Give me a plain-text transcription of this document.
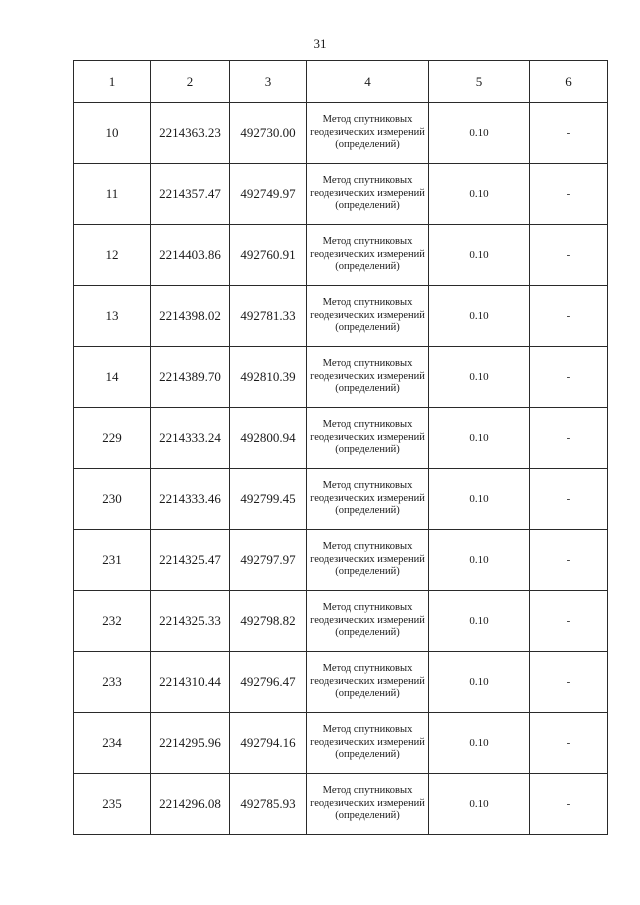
31
1	2	3	4	5	6
10	2214363.23	492730.00	Метод спутниковых геодезических измерений (определений)	0.10	-
11	2214357.47	492749.97	Метод спутниковых геодезических измерений (определений)	0.10	-
12	2214403.86	492760.91	Метод спутниковых геодезических измерений (определений)	0.10	-
13	2214398.02	492781.33	Метод спутниковых геодезических измерений (определений)	0.10	-
14	2214389.70	492810.39	Метод спутниковых геодезических измерений (определений)	0.10	-
229	2214333.24	492800.94	Метод спутниковых геодезических измерений (определений)	0.10	-
230	2214333.46	492799.45	Метод спутниковых геодезических измерений (определений)	0.10	-
231	2214325.47	492797.97	Метод спутниковых геодезических измерений (определений)	0.10	-
232	2214325.33	492798.82	Метод спутниковых геодезических измерений (определений)	0.10	-
233	2214310.44	492796.47	Метод спутниковых геодезических измерений (определений)	0.10	-
234	2214295.96	492794.16	Метод спутниковых геодезических измерений (определений)	0.10	-
235	2214296.08	492785.93	Метод спутниковых геодезических измерений (определений)	0.10	-
